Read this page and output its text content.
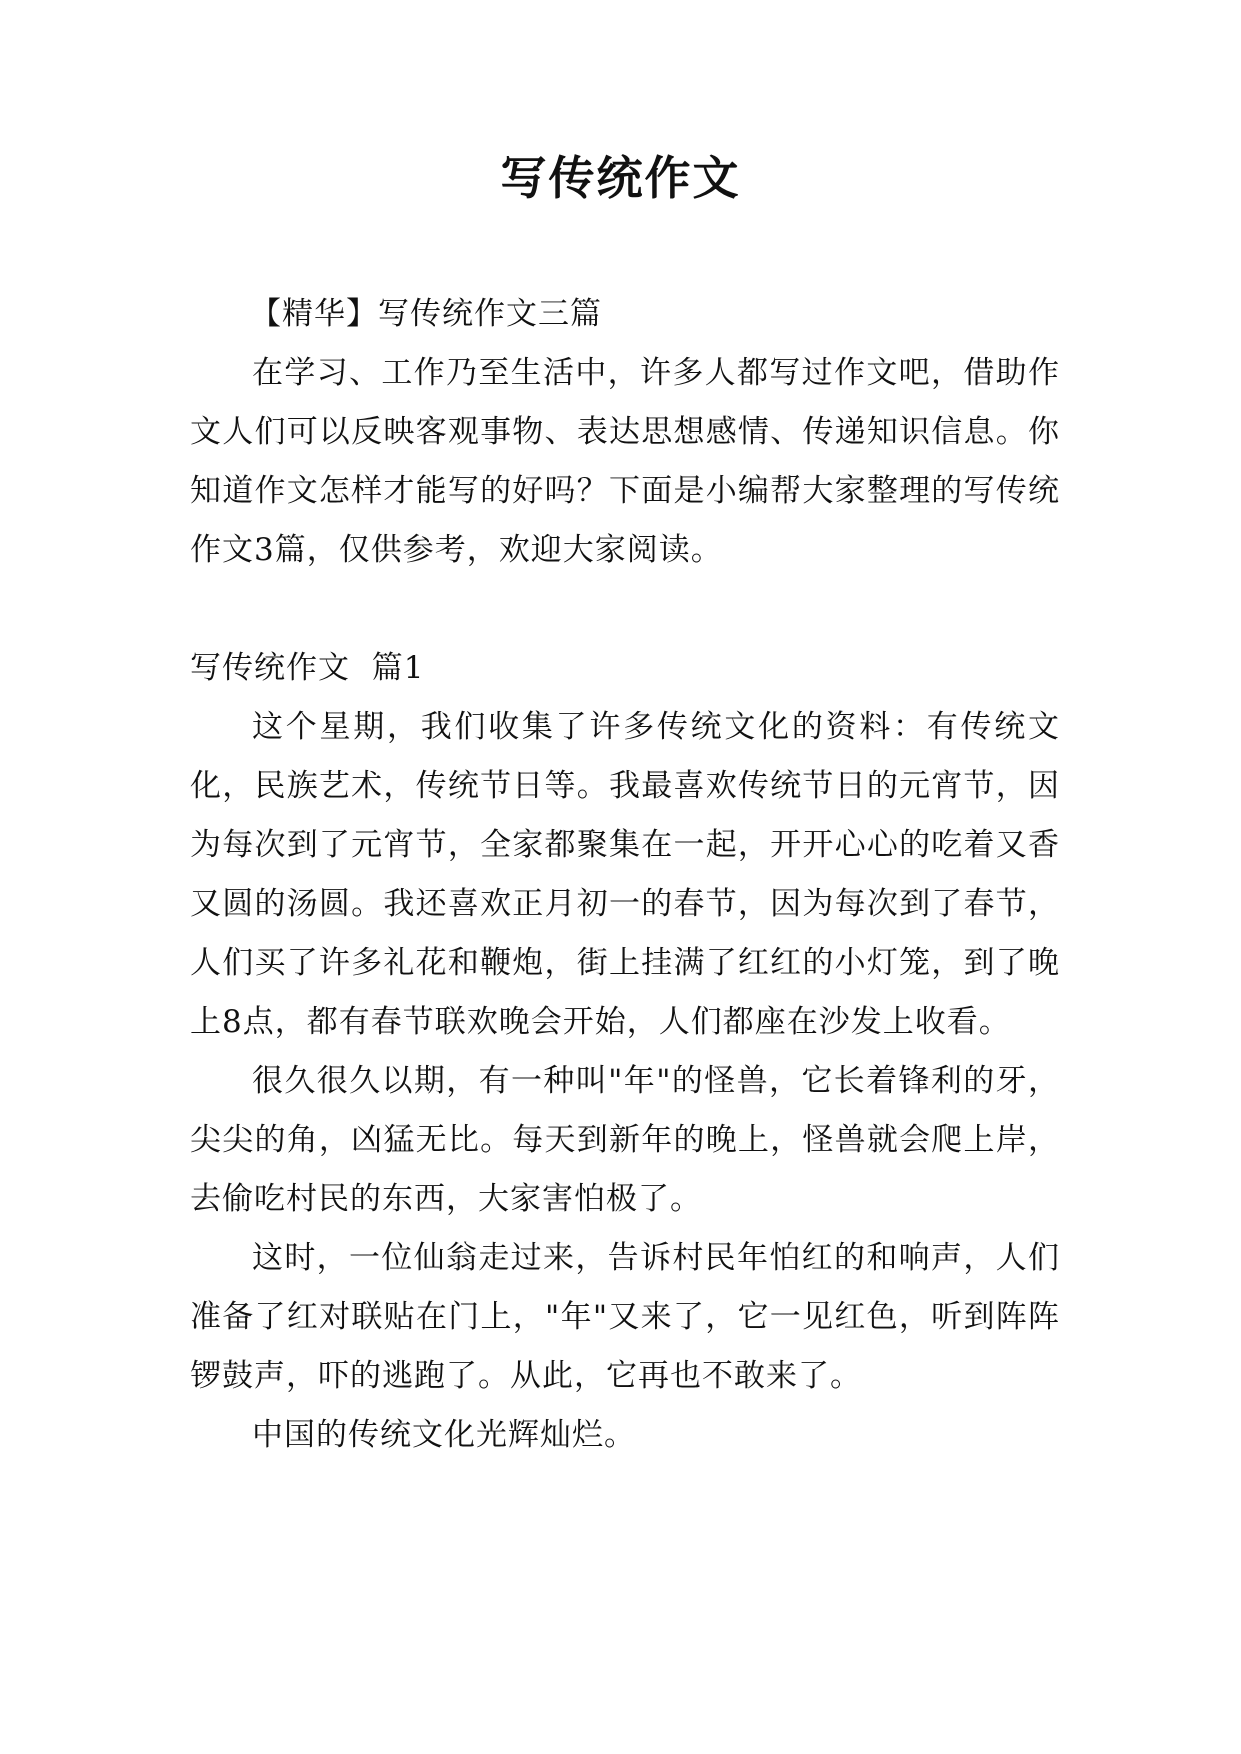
写传统作文

【精华】写传统作文三篇

在学习、工作乃至生活中，许多人都写过作文吧，借助作文人们可以反映客观事物、表达思想感情、传递知识信息。你知道作文怎样才能写的好吗？下面是小编帮大家整理的写传统作文3篇，仅供参考，欢迎大家阅读。

写传统作文  篇1

这个星期，我们收集了许多传统文化的资料：有传统文化，民族艺术，传统节日等。我最喜欢传统节日的元宵节，因为每次到了元宵节，全家都聚集在一起，开开心心的吃着又香又圆的汤圆。我还喜欢正月初一的春节，因为每次到了春节，人们买了许多礼花和鞭炮，街上挂满了红红的小灯笼，到了晚上8点，都有春节联欢晚会开始，人们都座在沙发上收看。

很久很久以期，有一种叫"年"的怪兽，它长着锋利的牙，尖尖的角，凶猛无比。每天到新年的晚上，怪兽就会爬上岸，去偷吃村民的东西，大家害怕极了。

这时，一位仙翁走过来，告诉村民年怕红的和响声，人们准备了红对联贴在门上，"年"又来了，它一见红色，听到阵阵锣鼓声，吓的逃跑了。从此，它再也不敢来了。

中国的传统文化光辉灿烂。
